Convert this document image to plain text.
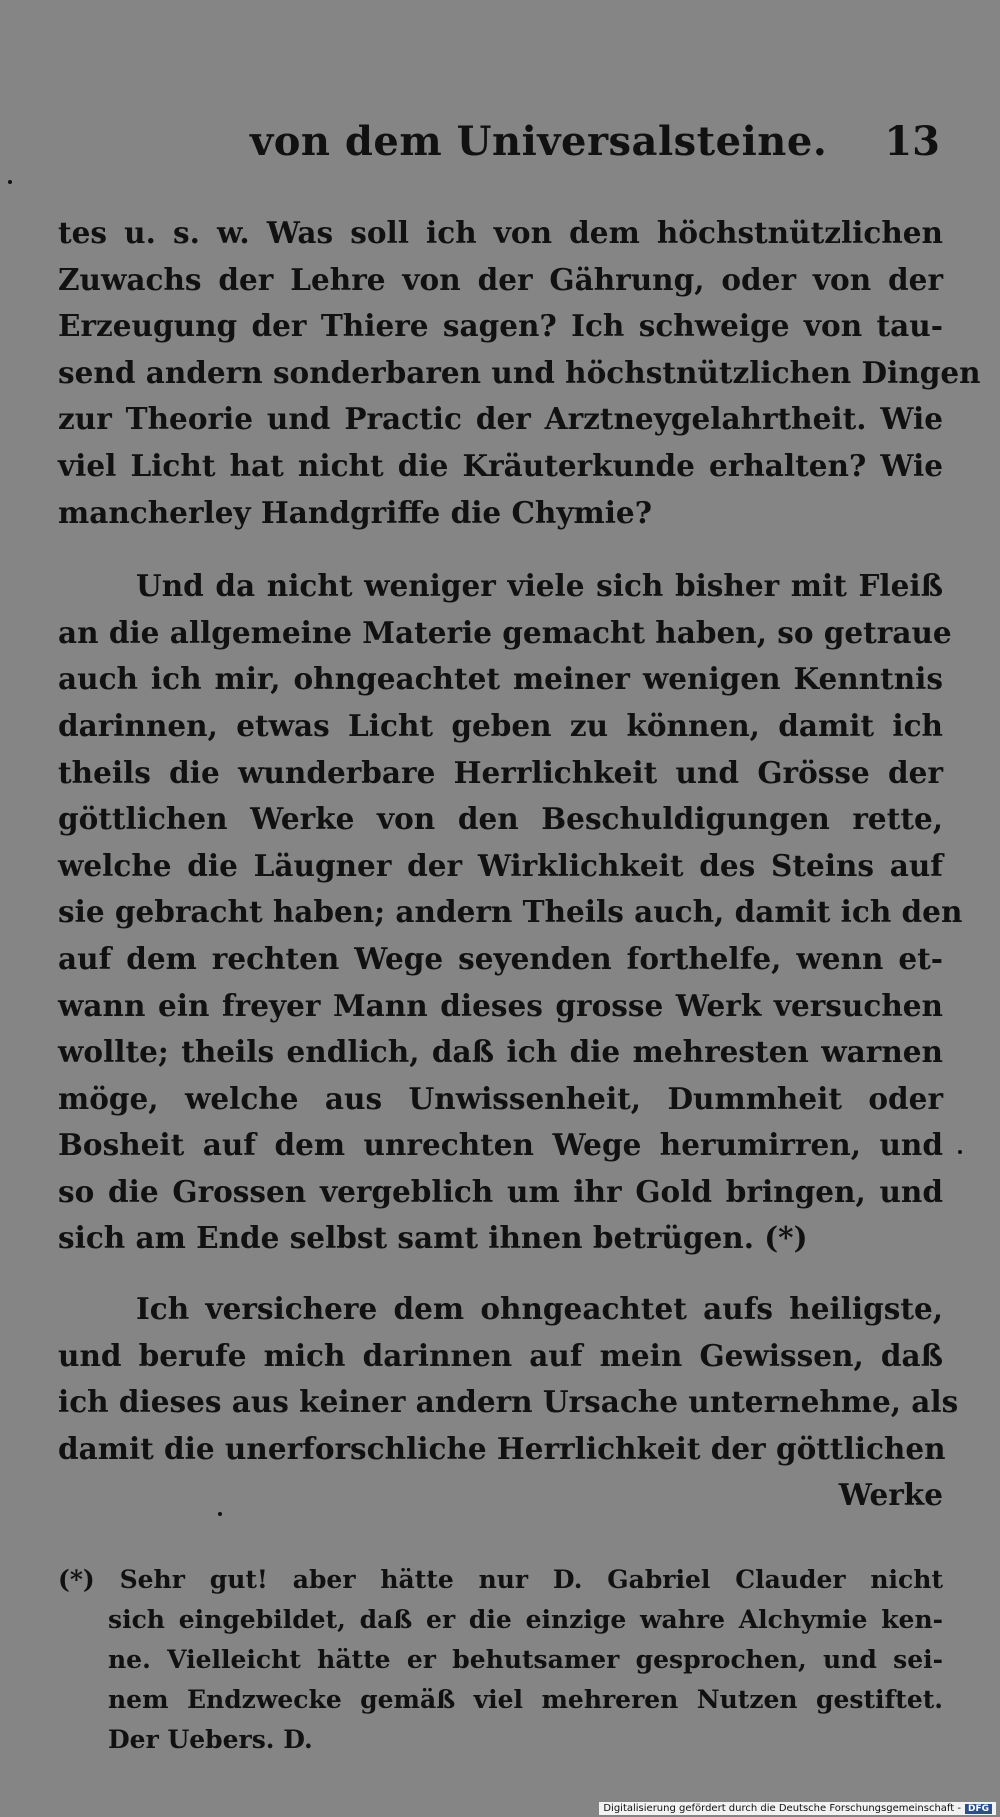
von dem Universalsteine. 13
tes u. s. w. Was soll ich von dem höchstnützlichen
Zuwachs der Lehre von der Gährung, oder von der
Erzeugung der Thiere sagen? Ich schweige von tau-
send andern sonderbaren und höchstnützlichen Dingen
zur Theorie und Practic der Arztneygelahrtheit. Wie
viel Licht hat nicht die Kräuterkunde erhalten? Wie
mancherley Handgriffe die Chymie?
Und da nicht weniger viele sich bisher mit Fleiß
an die allgemeine Materie gemacht haben, so getraue
auch ich mir, ohngeachtet meiner wenigen Kenntnis
darinnen, etwas Licht geben zu können, damit ich
theils die wunderbare Herrlichkeit und Grösse der
göttlichen Werke von den Beschuldigungen rette,
welche die Läugner der Wirklichkeit des Steins auf
sie gebracht haben; andern Theils auch, damit ich den
auf dem rechten Wege seyenden forthelfe, wenn et-
wann ein freyer Mann dieses grosse Werk versuchen
wollte; theils endlich, daß ich die mehresten warnen
möge, welche aus Unwissenheit, Dummheit oder
Bosheit auf dem unrechten Wege herumirren, und
so die Grossen vergeblich um ihr Gold bringen, und
sich am Ende selbst samt ihnen betrügen. (*)
Ich versichere dem ohngeachtet aufs heiligste,
und berufe mich darinnen auf mein Gewissen, daß
ich dieses aus keiner andern Ursache unternehme, als
damit die unerforschliche Herrlichkeit der göttlichen
Werke
(*) Sehr gut! aber hätte nur D. Gabriel Clauder nicht
sich eingebildet, daß er die einzige wahre Alchymie ken-
ne. Vielleicht hätte er behutsamer gesprochen, und sei-
nem Endzwecke gemäß viel mehreren Nutzen gestiftet.
Der Uebers. D.
Digitalisierung gefördert durch die Deutsche Forschungsgemeinschaft - DFG
